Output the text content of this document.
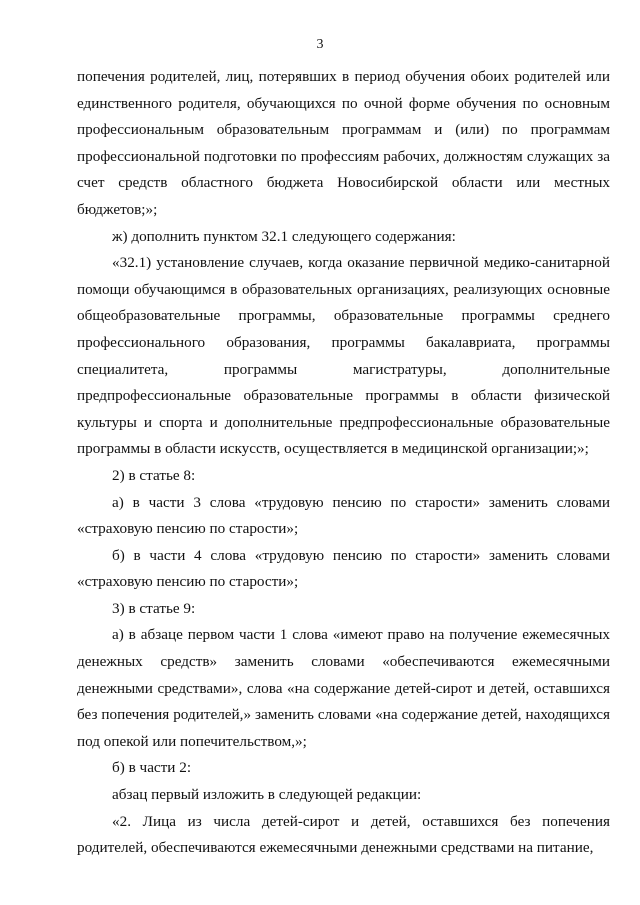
3

попечения родителей, лиц, потерявших в период обучения обоих родителей или единственного родителя, обучающихся по очной форме обучения по основным профессиональным образовательным программам и (или) по программам профессиональной подготовки по профессиям рабочих, должностям служащих за счет средств областного бюджета Новосибирской области или местных бюджетов;»;

ж) дополнить пунктом 32.1 следующего содержания:

«32.1) установление случаев, когда оказание первичной медико-санитарной помощи обучающимся в образовательных организациях, реализующих основные общеобразовательные программы, образовательные программы среднего профессионального образования, программы бакалавриата, программы специалитета, программы магистратуры, дополнительные предпрофессиональные образовательные программы в области физической культуры и спорта и дополнительные предпрофессиональные образовательные программы в области искусств, осуществляется в медицинской организации;»;

2) в статье 8:

а) в части 3 слова «трудовую пенсию по старости» заменить словами «страховую пенсию по старости»;

б) в части 4 слова «трудовую пенсию по старости» заменить словами «страховую пенсию по старости»;

3) в статье 9:

а) в абзаце первом части 1 слова «имеют право на получение ежемесячных денежных средств» заменить словами «обеспечиваются ежемесячными денежными средствами», слова «на содержание детей-сирот и детей, оставшихся без попечения родителей,» заменить словами «на содержание детей, находящихся под опекой или попечительством,»;

б) в части 2:

абзац первый изложить в следующей редакции:

«2. Лица из числа детей-сирот и детей, оставшихся без попечения родителей, обеспечиваются ежемесячными денежными средствами на питание,
